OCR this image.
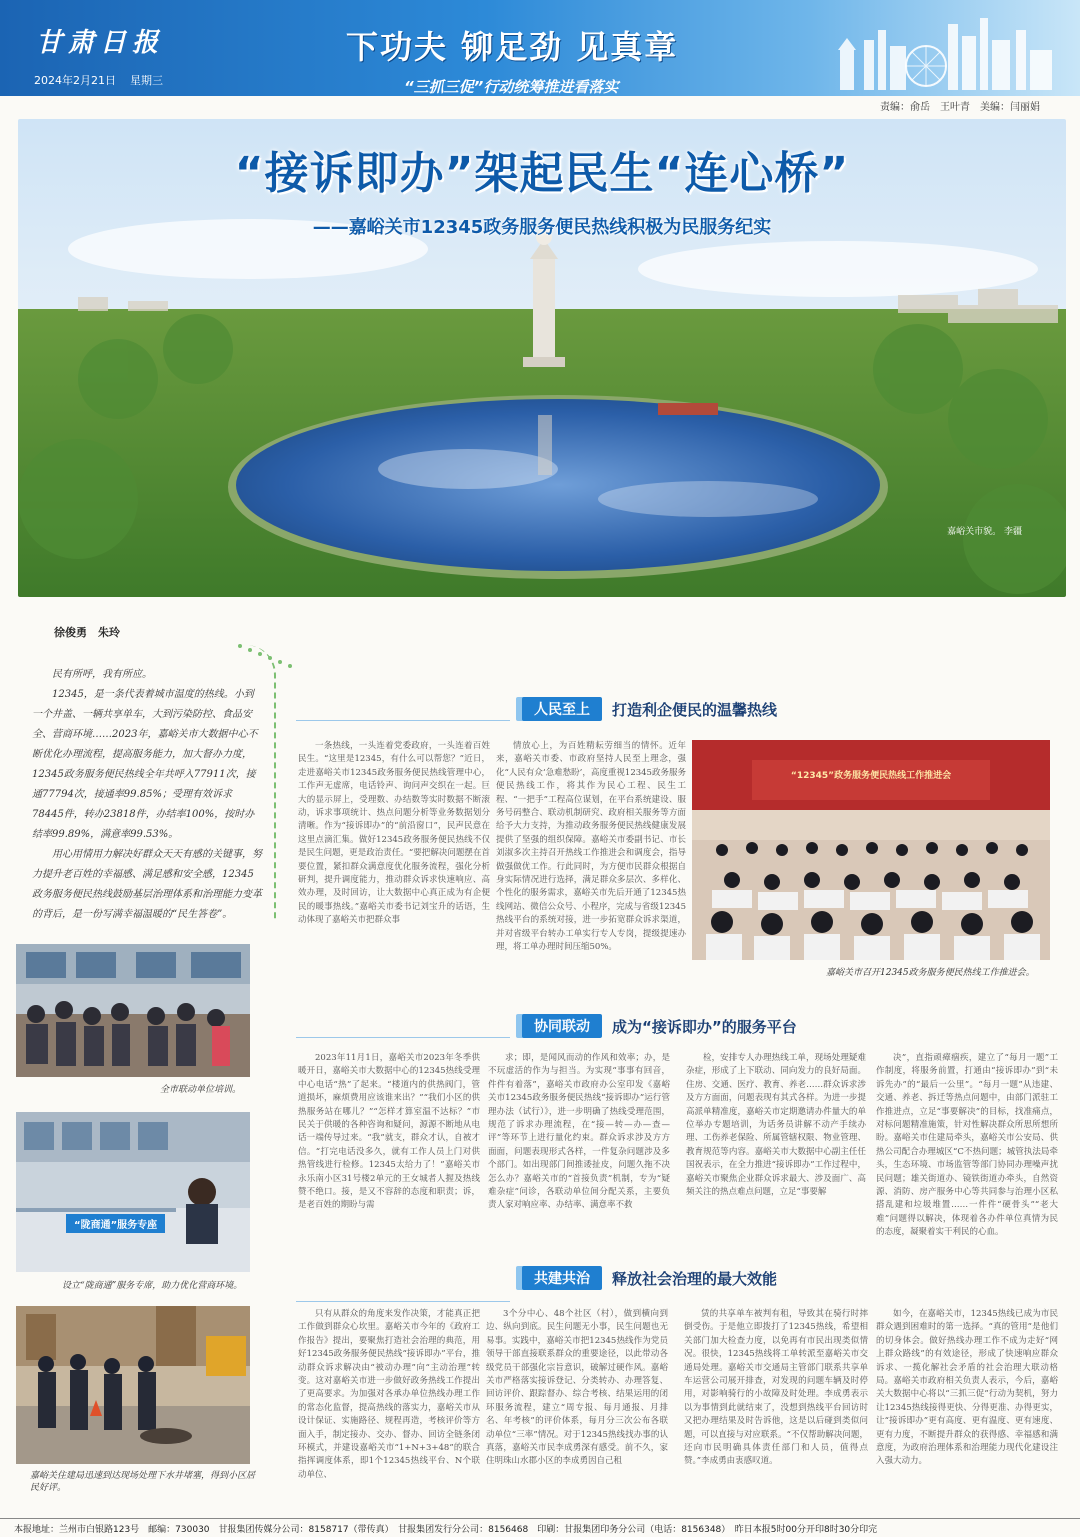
甘肃日报
2024年2月21日 星期三
下功夫 铆足劲 见真章
“三抓三促”行动统筹推进看落实
责编：俞岳　王叶青　美编：闫丽娟
“接诉即办”架起民生“连心桥”
——嘉峪关市12345政务服务便民热线积极为民服务纪实
嘉峪关市貌。 李疆
徐俊勇　朱玲

民有所呼，我有所应。

12345，是一条代表着城市温度的热线。小到一个井盖、一辆共享单车，大到污染防控、食品安全、营商环境……2023年，嘉峪关市大数据中心不断优化办理流程，提高服务能力，加大督办力度，12345政务服务便民热线全年共呼入77911次，接通77794次，接通率99.85%；受理有效诉求78445件，转办23818件，办结率100%，按时办结率99.89%，满意率99.53%。

用心用情用力解决好群众天天有感的关键事，努力提升老百姓的幸福感、满足感和安全感，12345政务服务便民热线鼓励基层治理体系和治理能力变革的背后，是一份写满幸福温暖的“民生答卷”。

全市联动单位培训。
“陇商通”服务专座
设立“陇商通”服务专席，助力优化营商环境。
嘉峪关住建局迅速到达现场处理下水井堵塞，得到小区居民好评。
人民至上	打造利企便民的温馨热线

一条热线，一头连着党委政府，一头连着百姓民生。“这里是12345，有什么可以帮您？”近日，走进嘉峪关市12345政务服务便民热线管理中心，工作声无虚席，电话铃声、询问声交织在一起。巨大的显示屏上，受理数、办结数等实时数据不断滚动，诉求事项统计、热点问题分析等业务数据划分清晰。作为“接诉即办”的“前沿窗口”，民声民意在这里点滴汇集。做好12345政务服务便民热线不仅是民生问题，更是政治责任。“要把解决问题摆在首要位置，紧扣群众满意度优化服务流程，强化分析研判，提升调度能力，推动群众诉求快速响应、高效办理，及时回访，让大数据中心真正成为有企便民的暖事热线。”嘉峪关市委书记刘宝升的话语，生动体现了嘉峪关市把群众事

情放心上，为百姓精耘劳细当的情怀。近年来，嘉峪关市委、市政府坚持人民至上理念，强化“人民有众‘急难愁盼’，高度重视12345政务服务便民热线工作，将其作为民心工程、民生工程、“一把手”工程高位谋划，在平台系统建设、服务号码整合、联动机制研究、政府相关服务等方面给予大力支持，为推动政务服务便民热线健康发展提供了坚强的组织保障。嘉峪关市委副书记、市长刘淑多次主持召开热线工作推进会和调度会，指导做强做优工作。行此同时，为方便市民群众根据自身实际情况进行选择，满足群众多层次、多样化、个性化的服务需求，嘉峪关市先后开通了12345热线网站、微信公众号、小程序，完成与省级12345热线平台的系统对接，进一步拓宽群众诉求渠道，并对省级平台转办工单实行专人专岗，提级提速办理，将工单办理时间压缩50%。

“12345”政务服务便民热线工作推进会
嘉峪关市召开12345政务服务便民热线工作推进会。
协同联动	成为“接诉即办”的服务平台

2023年11月1日，嘉峪关市2023年冬季供暖开日，嘉峪关市大数据中心的12345热线受理中心电话“热”了起来。“楼道内的供热阀门，管道损坏，麻烦费用应该谁来出？”“我们小区的供热服务站在哪儿？”“怎样才算室温不达标？”市民关于供暖的各种咨询和疑问，源源不断地从电话一端传导过来。“我”就支，群众才认，自被才信。“打完电话没多久，就有工作人员上门对供热管线进行检修。12345太给力了！”嘉峪关市永乐南小区31号楼2单元的王女城者人握及热线赞不绝口。接，是又不容辞的态度和职责；诉，是老百姓的期盼与需

求；即，是闻风而动的作风和效率；办，是不玩虚活的作为与担当。为实现“事事有回音，件件有着落”，嘉峪关市政府办公室印发《嘉峪关市12345政务服务便民热线“接诉即办”运行管理办法（试行）》，进一步明确了热线受理范围，规范了诉求办理流程，在“接—转—办—查—评”等环节上进行量化约束。群众诉求涉及方方面面，问题表现形式各样，一件复杂问题涉及多个部门。如出现部门间推诿扯皮，问题久拖不决怎么办？嘉峪关市的“首接负责”机制，专为“疑难杂症”问诊，各联动单位间分配关系，主要负责人家对响应率、办结率、满意率不救

检，安排专人办理热线工单，现场处理疑难杂症，形成了上下联动、同向发力的良好局面。住房、交通、医疗、教育、养老……群众诉求涉及方方面面，问题表现有其式各样。为进一步提高派单精准度，嘉峪关市定期邀请办件量大的单位举办专题培训，为话务员讲解不动产手续办理、工伤养老保险、所属管辖权限、物业管理、教育规范等内容。嘉峪关市大数据中心副主任任国祝表示，在全力推进“接诉即办”工作过程中，嘉峪关市聚焦企业群众诉求最大、涉及面广、高频关注的热点难点问题，立足“事要解

决”，直指顽瘴痼疾，建立了“每月一题”工作制度，将服务前置，打通由“接诉即办”到“未诉先办”的“最后一公里”。“每月一题”从违建、交通、养老、拆迁等热点问题中，由部门派驻工作推进点，立足“事要解决”的目标，找准痛点，对标问题精准施策，针对性解决群众所思所想所盼。嘉峪关市住建局牵头，嘉峪关市公安局、供热公司配合办理城区“C不热问题；城管执法局牵头，生态环境、市场监管等部门协同办理噪声扰民问题；雄关街道办、镜铁街道办牵头，自然资源、消防、房产服务中心等共同参与治理小区私搭乱建和垃圾堆置……一件件“硬骨头”“老大难”问题得以解决，体现着各办件单位真情为民的态度，凝聚着实干利民的心血。

共建共治	释放社会治理的最大效能

只有从群众的角度来发作决策，才能真正把工作做到群众心坎里。嘉峪关市今年的《政府工作报告》提出，要聚焦打造社会治理的典范，用好12345政务服务便民热线“接诉即办”平台，推动群众诉求解决由“被动办理”向“主动治理”转变。这对嘉峪关市进一步做好政务热线工作提出了更高要求。为加强对各承办单位热线办理工作的常态化监督，提高热线的落实力，嘉峪关市从设计保证、实施路径、规程再造，考核评价等方面入手，制定接办、交办、督办、回访全链条闭环模式，并建设嘉峪关市“1+N+3+48”的联合指挥调度体系，即1个12345热线平台、N个联动单位、

3个分中心、48个社区（村），做到横向到边、纵向到底。民生问题无小事，民生问题也无易事。实践中，嘉峪关市把12345热线作为党员领导干部直接联系群众的重要途径，以此带动各级党员干部强化宗旨意识，破解过硬作风。嘉峪关市严格落实接诉登记、分类转办、办理答复、回访评价、跟踪督办、综合考核、结果运用的闭环服务流程，建立“周专报、每月通报、月排名、年考核”的评价体系，每月分三次公布各联动单位“三率”情况。对于12345热线找办事的认真落，嘉峪关市民李成勇深有感受。前不久，家住明珠山水郡小区的李成勇因自己租

赁的共享单车被判有租，导致其在骑行时摔倒受伤。于是他立即拨打了12345热线，希望相关部门加大检查力度，以免再有市民出现类似情况。很快，12345热线将工单转派至嘉峪关市交通局处理。嘉峪关市交通局主管部门联系共享单车运营公司展开排查，对发现的问题车辆及时停用，对影响骑行的小故障及时处理。李成勇表示以为事情到此就结束了，没想到热线平台回访时又把办理结果及时告诉他，这是以后碰到类似问题，可以直接与对应联系。“不仅帮助解决问题，还向市民明确具体责任部门和人员，值得点赞。”李成勇由衷感叹道。

如今，在嘉峪关市，12345热线已成为市民群众遇到困难时的第一选择。“真的管用”是他们的切身体会。做好热线办理工作不成为走好“网上群众路线”的有效途径，形成了快速响应群众诉求、一揽化解社会矛盾的社会治理大联动格局。嘉峪关市政府相关负责人表示，今后，嘉峪关大数据中心将以“三抓三促”行动为契机，努力让12345热线接得更快、分得更准、办得更实，让“接诉即办”更有高度、更有温度、更有速度、更有力度，不断提升群众的获得感、幸福感和满意度，为政府治理体系和治理能力现代化建设注入强大动力。

本报地址：兰州市白银路123号　邮编：730030　甘报集团传媒分公司：8158717（带传真）　甘报集团发行分公司：8156468　印刷：甘报集团印务分公司（电话：8156348）　昨日本报5时00分开印8时30分印完
